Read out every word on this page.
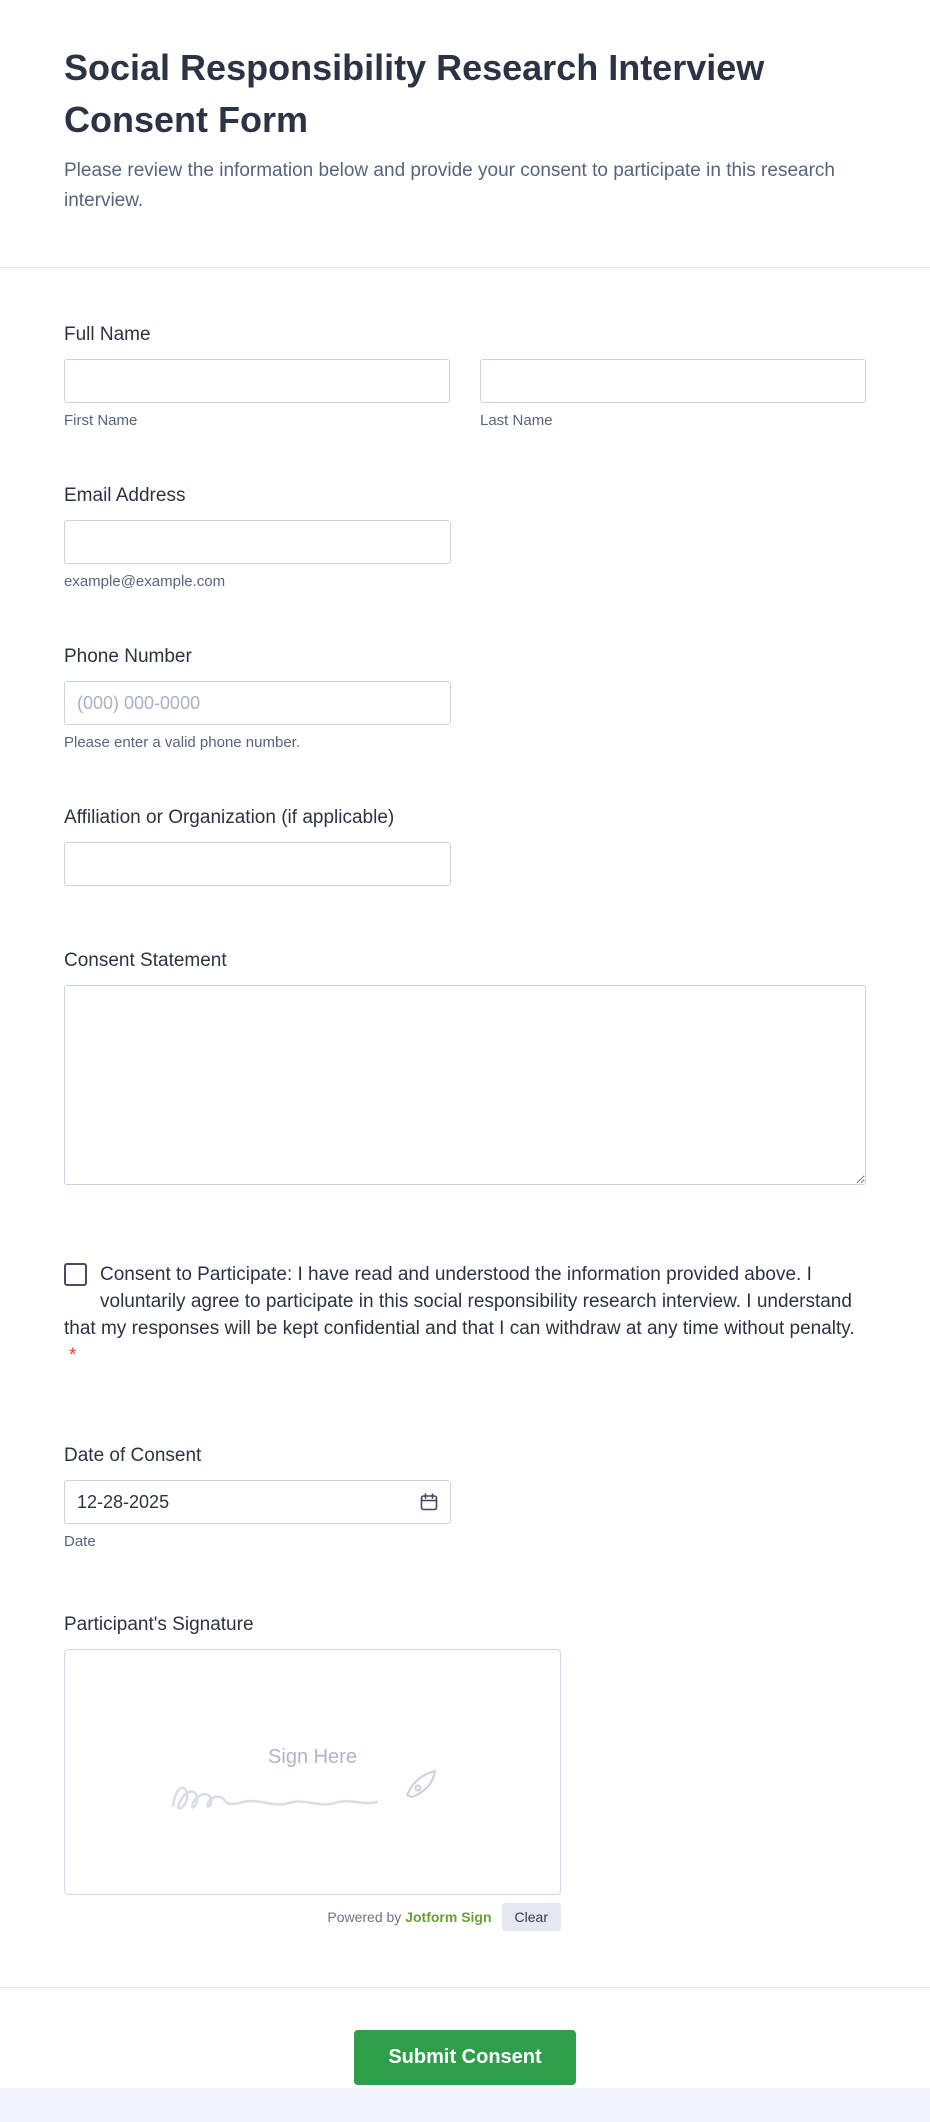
Social Responsibility Research Interview Consent Form

Please review the information below and provide your consent to participate in this research interview.

Full Name
First Name	Last Name
Email Address
example@example.com
Phone Number
(000) 000-0000
Please enter a valid phone number.
Affiliation or Organization (if applicable)
Consent Statement
Consent to Participate: I have read and understood the information provided above. I voluntarily agree to participate in this social responsibility research interview. I understand that my responses will be kept confidential and that I can withdraw at any time without penalty. *
Date of Consent
12-28-2025
Date
Participant's Signature
Sign Here
Powered by Jotform Sign	Clear
Submit Consent
